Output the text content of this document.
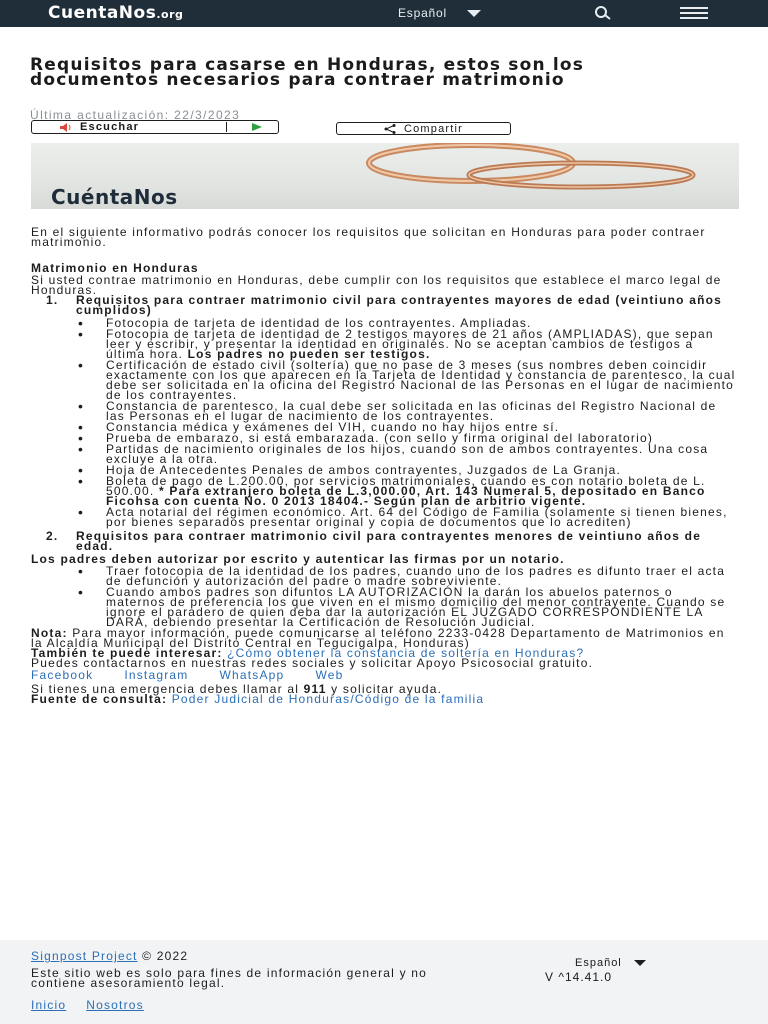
CuentaNos.org	Español
Requisitos para casarse en Honduras, estos son los documentos necesarios para contraer matrimonio
Última actualización: 22/3/2023
Escuchar	Compartir
CuéntaNos

En el siguiente informativo podrás conocer los requisitos que solicitan en Honduras para poder contraer matrimonio.

Matrimonio en Honduras

Si usted contrae matrimonio en Honduras, debe cumplir con los requisitos que establece el marco legal de Honduras.

1. Requisitos para contraer matrimonio civil para contrayentes mayores de edad (veintiuno años cumplidos)
• Fotocopia de tarjeta de identidad de los contrayentes. Ampliadas.
• Fotocopia de tarjeta de identidad de 2 testigos mayores de 21 años (AMPLIADAS), que sepan leer y escribir, y presentar la identidad en originales. No se aceptan cambios de testigos a última hora. Los padres no pueden ser testigos.
• Certificación de estado civil (soltería) que no pase de 3 meses (sus nombres deben coincidir exactamente con los que aparecen en la Tarjeta de Identidad y constancia de parentesco, la cual debe ser solicitada en la oficina del Registro Nacional de las Personas en el lugar de nacimiento de los contrayentes.
• Constancia de parentesco, la cual debe ser solicitada en las oficinas del Registro Nacional de las Personas en el lugar de nacimiento de los contrayentes.
• Constancia médica y exámenes del VIH, cuando no hay hijos entre sí.
• Prueba de embarazo, si está embarazada. (con sello y firma original del laboratorio)
• Partidas de nacimiento originales de los hijos, cuando son de ambos contrayentes. Una cosa excluye a la otra.
• Hoja de Antecedentes Penales de ambos contrayentes, Juzgados de La Granja.
• Boleta de pago de L.200.00, por servicios matrimoniales, cuando es con notario boleta de L. 500.00. * Para extranjero boleta de L.3,000.00, Art. 143 Numeral 5, depositado en Banco Ficohsa con cuenta No. 0 2013 18404.- Según plan de arbitrio vigente.
• Acta notarial del régimen económico. Art. 64 del Código de Familia (solamente si tienen bienes, por bienes separados presentar original y copia de documentos que lo acrediten)
2. Requisitos para contraer matrimonio civil para contrayentes menores de veintiuno años de edad.

Los padres deben autorizar por escrito y autenticar las firmas por un notario.

• Traer fotocopia de la identidad de los padres, cuando uno de los padres es difunto traer el acta de defunción y autorización del padre o madre sobreviviente.
• Cuando ambos padres son difuntos LA AUTORIZACIÓN la darán los abuelos paternos o maternos de preferencia los que viven en el mismo domicilio del menor contrayente. Cuando se ignore el paradero de quien deba dar la autorización EL JUZGADO CORRESPONDIENTE LA DARÁ, debiendo presentar la Certificación de Resolución Judicial.

Nota: Para mayor información, puede comunicarse al teléfono 2233-0428 Departamento de Matrimonios en la Alcaldía Municipal del Distrito Central en Tegucigalpa, Honduras)

También te puede interesar: ¿Cómo obtener la constancia de soltería en Honduras?

Puedes contactarnos en nuestras redes sociales y solicitar Apoyo Psicosocial gratuito.

Facebook	Instagram	WhatsApp	Web

Si tienes una emergencia debes llamar al 911 y solicitar ayuda.

Fuente de consulta: Poder Judicial de Honduras/Código de la familia

Signpost Project © 2022
Este sitio web es solo para fines de información general y no contiene asesoramiento legal.
Inicio Nosotros
Español
V ^14.41.0
